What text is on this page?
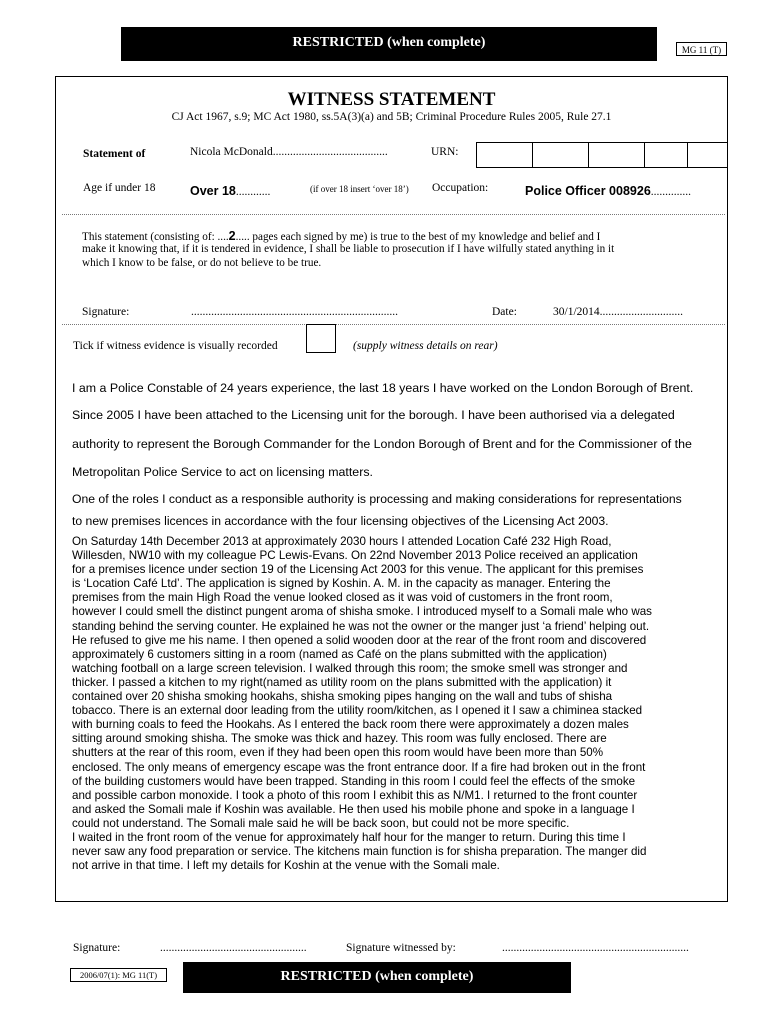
RESTRICTED (when complete)	MG 11 (T)
WITNESS STATEMENT
CJ Act 1967, s.9; MC Act 1980, ss.5A(3)(a) and 5B; Criminal Procedure Rules 2005, Rule 27.1
Statement of	Nicola McDonald........................................	URN:
Age if under 18	Over 18............	(if over 18 insert ‘over 18’) Occupation:	Police Officer 008926..............
This statement (consisting of: ....2..... pages each signed by me) is true to the best of my knowledge and belief and I
make it knowing that, if it is tendered in evidence, I shall be liable to prosecution if I have wilfully stated anything in it
which I know to be false, or do not believe to be true.
Signature:	........................................................................	Date:	30/1/2014.............................
Tick if witness evidence is visually recorded	(supply witness details on rear)
I am a Police Constable of 24 years experience, the last 18 years I have worked on the London Borough of Brent.
Since 2005 I have been attached to the Licensing unit for the borough. I have been authorised via a delegated
authority to represent the Borough Commander for the London Borough of Brent and for the Commissioner of the
Metropolitan Police Service to act on licensing matters.
One of the roles I conduct as a responsible authority is processing and making considerations for representations
to new premises licences in accordance with the four licensing objectives of the Licensing Act 2003.
On Saturday 14th December 2013 at approximately 2030 hours I attended Location Café 232 High Road,
Willesden, NW10 with my colleague PC Lewis-Evans. On 22nd November 2013 Police received an application
for a premises licence under section 19 of the Licensing Act 2003 for this venue. The applicant for this premises
is ‘Location Café Ltd’. The application is signed by Koshin. A. M. in the capacity as manager. Entering the
premises from the main High Road the venue looked closed as it was void of customers in the front room,
however I could smell the distinct pungent aroma of shisha smoke. I introduced myself to a Somali male who was
standing behind the serving counter. He explained he was not the owner or the manger just ‘a friend’ helping out.
He refused to give me his name. I then opened a solid wooden door at the rear of the front room and discovered
approximately 6 customers sitting in a room (named as Café on the plans submitted with the application)
watching football on a large screen television. I walked through this room; the smoke smell was stronger and
thicker. I passed a kitchen to my right(named as utility room on the plans submitted with the application) it
contained over 20 shisha smoking hookahs, shisha smoking pipes hanging on the wall and tubs of shisha
tobacco. There is an external door leading from the utility room/kitchen, as I opened it I saw a chiminea stacked
with burning coals to feed the Hookahs. As I entered the back room there were approximately a dozen males
sitting around smoking shisha. The smoke was thick and hazey. This room was fully enclosed. There are
shutters at the rear of this room, even if they had been open this room would have been more than 50%
enclosed. The only means of emergency escape was the front entrance door. If a fire had broken out in the front
of the building customers would have been trapped. Standing in this room I could feel the effects of the smoke
and possible carbon monoxide. I took a photo of this room I exhibit this as N/M1. I returned to the front counter
and asked the Somali male if Koshin was available. He then used his mobile phone and spoke in a language I
could not understand. The Somali male said he will be back soon, but could not be more specific.
I waited in the front room of the venue for approximately half hour for the manger to return. During this time I
never saw any food preparation or service. The kitchens main function is for shisha preparation. The manger did
not arrive in that time. I left my details for Koshin at the venue with the Somali male.
Signature:	...................................................	Signature witnessed by:	.................................................................
2006/07(1): MG 11(T)	RESTRICTED (when complete)
